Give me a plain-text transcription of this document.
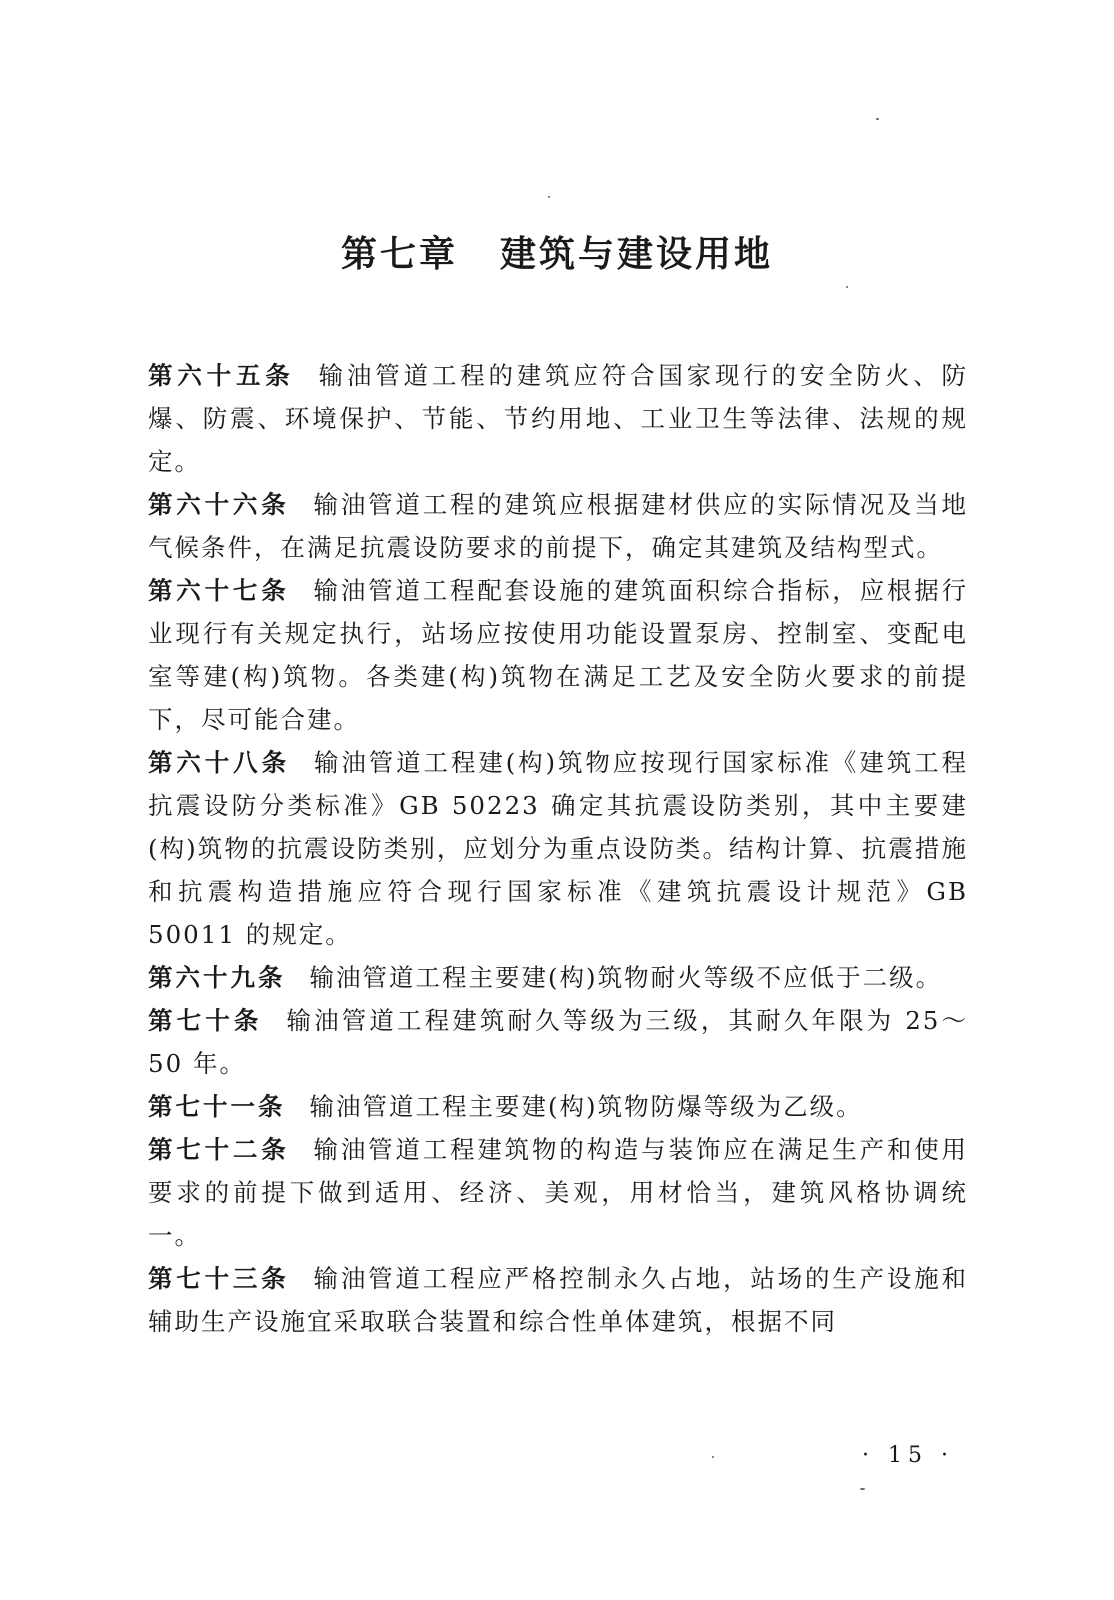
第七章 建筑与建设用地

第六十五条 输油管道工程的建筑应符合国家现行的安全防火、防爆、防震、环境保护、节能、节约用地、工业卫生等法律、法规的规定。

第六十六条 输油管道工程的建筑应根据建材供应的实际情况及当地气候条件，在满足抗震设防要求的前提下，确定其建筑及结构型式。

第六十七条 输油管道工程配套设施的建筑面积综合指标，应根据行业现行有关规定执行，站场应按使用功能设置泵房、控制室、变配电室等建(构)筑物。各类建(构)筑物在满足工艺及安全防火要求的前提下，尽可能合建。

第六十八条 输油管道工程建(构)筑物应按现行国家标准《建筑工程抗震设防分类标准》GB 50223 确定其抗震设防类别，其中主要建(构)筑物的抗震设防类别，应划分为重点设防类。结构计算、抗震措施和抗震构造措施应符合现行国家标准《建筑抗震设计规范》GB 50011 的规定。

第六十九条 输油管道工程主要建(构)筑物耐火等级不应低于二级。

第七十条 输油管道工程建筑耐久等级为三级，其耐久年限为 25～50 年。

第七十一条 输油管道工程主要建(构)筑物防爆等级为乙级。

第七十二条 输油管道工程建筑物的构造与装饰应在满足生产和使用要求的前提下做到适用、经济、美观，用材恰当，建筑风格协调统一。

第七十三条 输油管道工程应严格控制永久占地，站场的生产设施和辅助生产设施宜采取联合装置和综合性单体建筑，根据不同

· 15 ·
